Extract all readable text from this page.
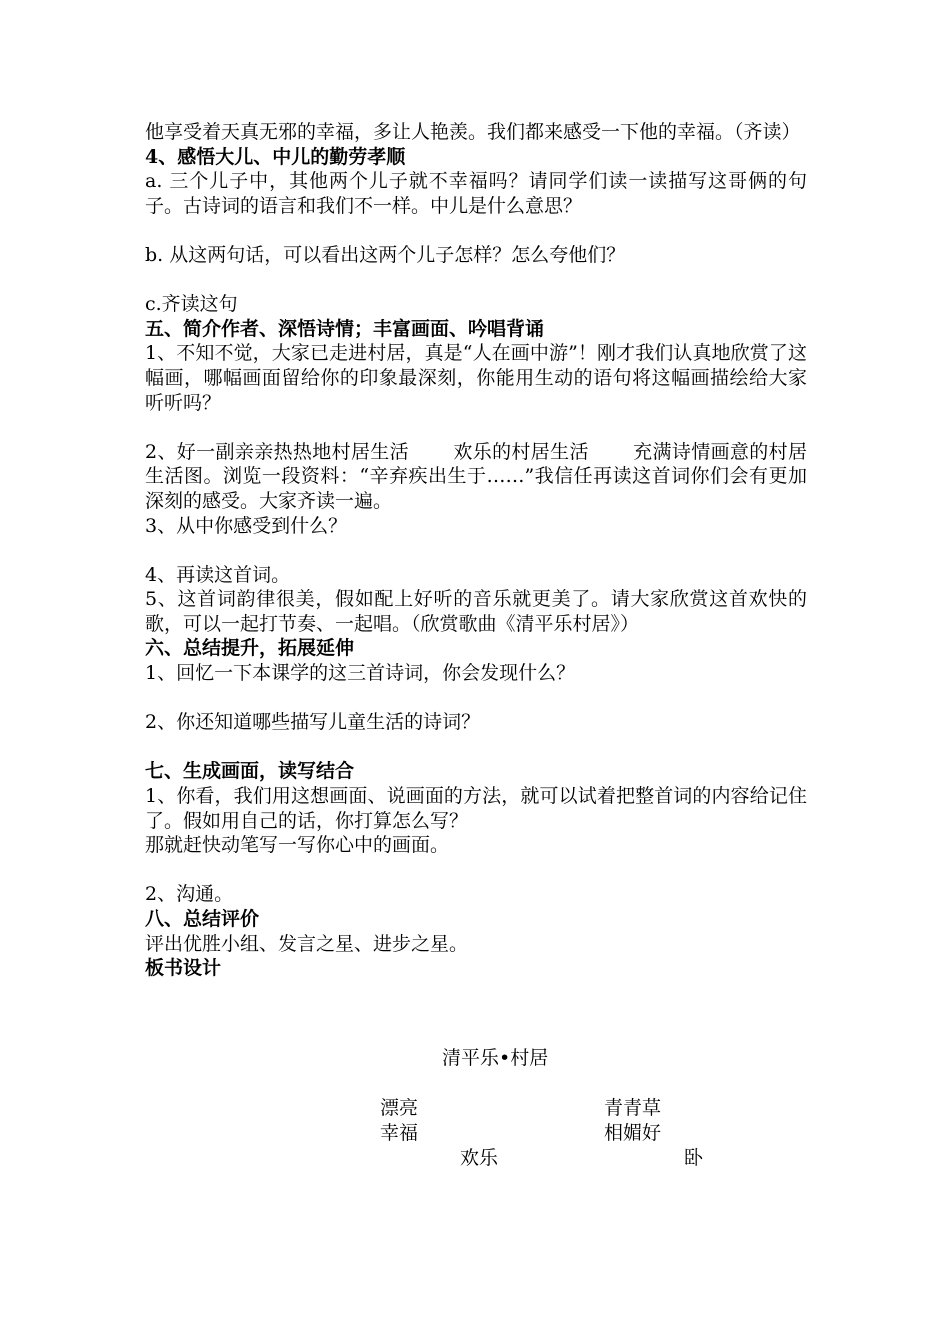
他享受着天真无邪的幸福，多让人艳羡。我们都来感受一下他的幸福。（齐读）

4、感悟大儿、中儿的勤劳孝顺

a. 三个儿子中，其他两个儿子就不幸福吗？请同学们读一读描写这哥俩的句子。古诗词的语言和我们不一样。中儿是什么意思？

b. 从这两句话，可以看出这两个儿子怎样？怎么夸他们？

c.齐读这句

五、简介作者、深悟诗情；丰富画面、吟唱背诵

1、不知不觉，大家已走进村居，真是“人在画中游”！刚才我们认真地欣赏了这幅画，哪幅画面留给你的印象最深刻，你能用生动的语句将这幅画描绘给大家听听吗？

2、好一副亲亲热热地村居生活 欢乐的村居生活 充满诗情画意的村居生活图。浏览一段资料：“辛弃疾出生于……”我信任再读这首词你们会有更加深刻的感受。大家齐读一遍。

3、从中你感受到什么？

4、再读这首词。

5、这首词韵律很美，假如配上好听的音乐就更美了。请大家欣赏这首欢快的歌，可以一起打节奏、一起唱。（欣赏歌曲《清平乐村居》）

六、总结提升，拓展延伸

1、回忆一下本课学的这三首诗词，你会发现什么？

2、你还知道哪些描写儿童生活的诗词？

七、生成画面，读写结合

1、你看，我们用这想画面、说画面的方法，就可以试着把整首词的内容给记住了。假如用自己的话，你打算怎么写？

那就赶快动笔写一写你心中的画面。

2、沟通。

八、总结评价

评出优胜小组、发言之星、进步之星。

板书设计

清平乐•村居
漂亮
幸福
欢乐
青青草
相媚好
卧
